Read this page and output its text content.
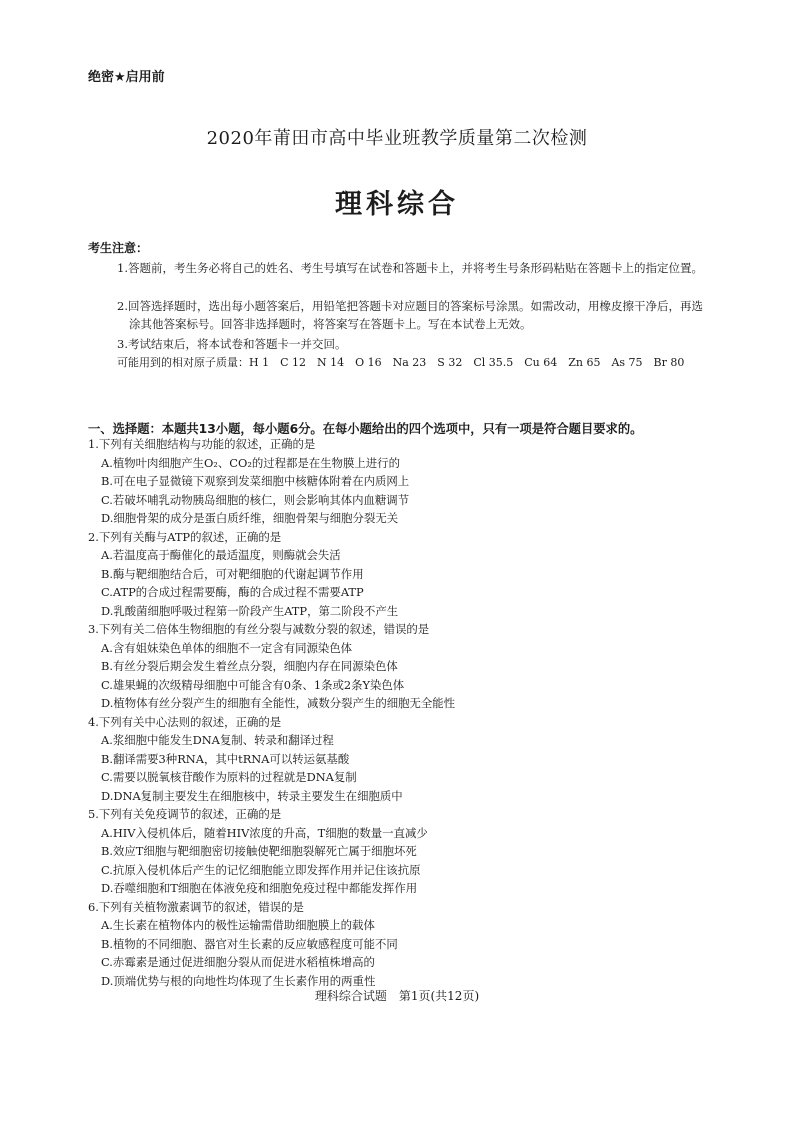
绝密★启用前
2020年莆田市高中毕业班教学质量第二次检测
理科综合
考生注意：
1.答题前，考生务必将自己的姓名、考生号填写在试卷和答题卡上，并将考生号条形码粘贴在答题卡上的指定位置。
2.回答选择题时，选出每小题答案后，用铅笔把答题卡对应题目的答案标号涂黑。如需改动，用橡皮擦干净后，再选涂其他答案标号。回答非选择题时，将答案写在答题卡上。写在本试卷上无效。
3.考试结束后，将本试卷和答题卡一并交回。
可能用到的相对原子质量：H 1　C 12　N 14　O 16　Na 23　S 32　Cl 35.5　Cu 64　Zn 65　As 75　Br 80
一、选择题：本题共13小题，每小题6分。在每小题给出的四个选项中，只有一项是符合题目要求的。
1.下列有关细胞结构与功能的叙述，正确的是
A.植物叶肉细胞产生O₂、CO₂的过程都是在生物膜上进行的
B.可在电子显微镜下观察到发菜细胞中核糖体附着在内质网上
C.若破坏哺乳动物胰岛细胞的核仁，则会影响其体内血糖调节
D.细胞骨架的成分是蛋白质纤维，细胞骨架与细胞分裂无关
2.下列有关酶与ATP的叙述，正确的是
A.若温度高于酶催化的最适温度，则酶就会失活
B.酶与靶细胞结合后，可对靶细胞的代谢起调节作用
C.ATP的合成过程需要酶，酶的合成过程不需要ATP
D.乳酸菌细胞呼吸过程第一阶段产生ATP，第二阶段不产生
3.下列有关二倍体生物细胞的有丝分裂与减数分裂的叙述，错误的是
A.含有姐妹染色单体的细胞不一定含有同源染色体
B.有丝分裂后期会发生着丝点分裂，细胞内存在同源染色体
C.雄果蝇的次级精母细胞中可能含有0条、1条或2条Y染色体
D.植物体有丝分裂产生的细胞有全能性，减数分裂产生的细胞无全能性
4.下列有关中心法则的叙述，正确的是
A.浆细胞中能发生DNA复制、转录和翻译过程
B.翻译需要3种RNA，其中tRNA可以转运氨基酸
C.需要以脱氧核苷酸作为原料的过程就是DNA复制
D.DNA复制主要发生在细胞核中，转录主要发生在细胞质中
5.下列有关免疫调节的叙述，正确的是
A.HIV入侵机体后，随着HIV浓度的升高，T细胞的数量一直减少
B.效应T细胞与靶细胞密切接触使靶细胞裂解死亡属于细胞坏死
C.抗原入侵机体后产生的记忆细胞能立即发挥作用并记住该抗原
D.吞噬细胞和T细胞在体液免疫和细胞免疫过程中都能发挥作用
6.下列有关植物激素调节的叙述，错误的是
A.生长素在植物体内的极性运输需借助细胞膜上的载体
B.植物的不同细胞、器官对生长素的反应敏感程度可能不同
C.赤霉素是通过促进细胞分裂从而促进水稻植株增高的
D.顶端优势与根的向地性均体现了生长素作用的两重性
理科综合试题　第1页(共12页)
